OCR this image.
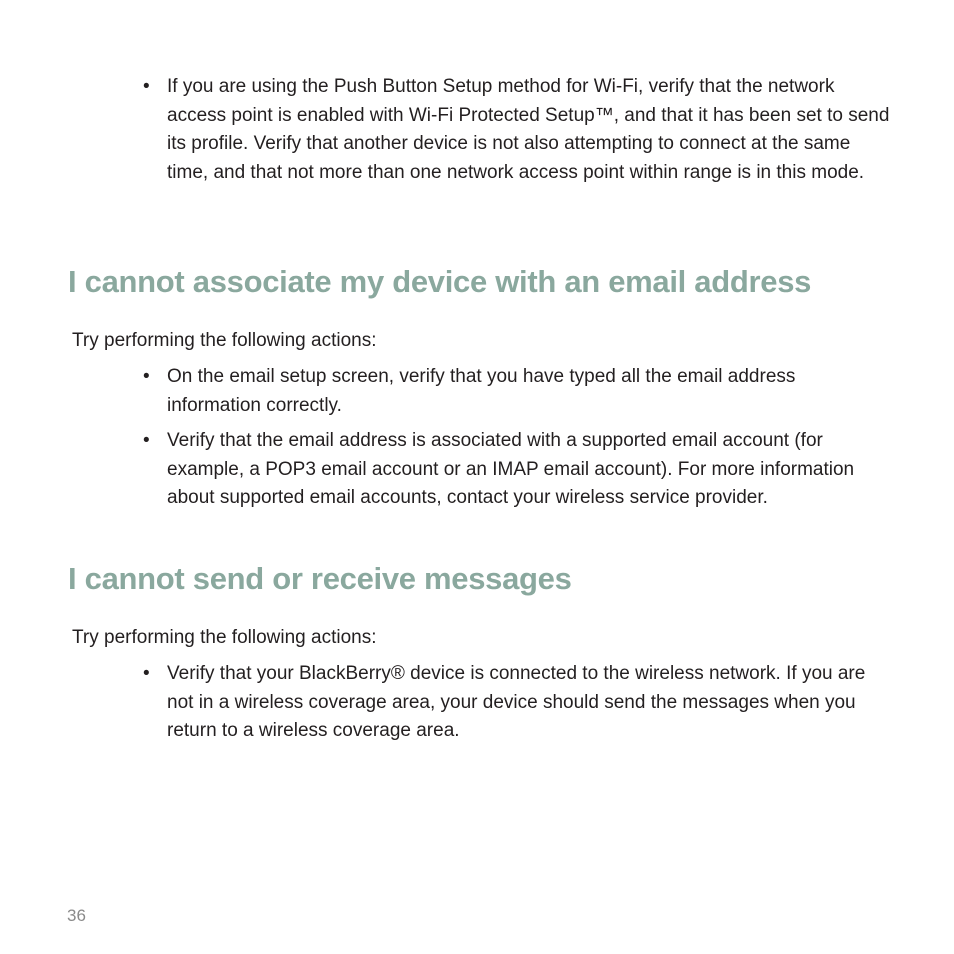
• If you are using the Push Button Setup method for Wi-Fi, verify that the network access point is enabled with Wi-Fi Protected Setup™, and that it has been set to send its profile. Verify that another device is not also attempting to connect at the same time, and that not more than one network access point within range is in this mode.
I cannot associate my device with an email address

Try performing the following actions:

• On the email setup screen, verify that you have typed all the email address information correctly.
• Verify that the email address is associated with a supported email account (for example, a POP3 email account or an IMAP email account). For more information about supported email accounts, contact your wireless service provider.
I cannot send or receive messages

Try performing the following actions:

• Verify that your BlackBerry® device is connected to the wireless network. If you are not in a wireless coverage area, your device should send the messages when you return to a wireless coverage area.

36
